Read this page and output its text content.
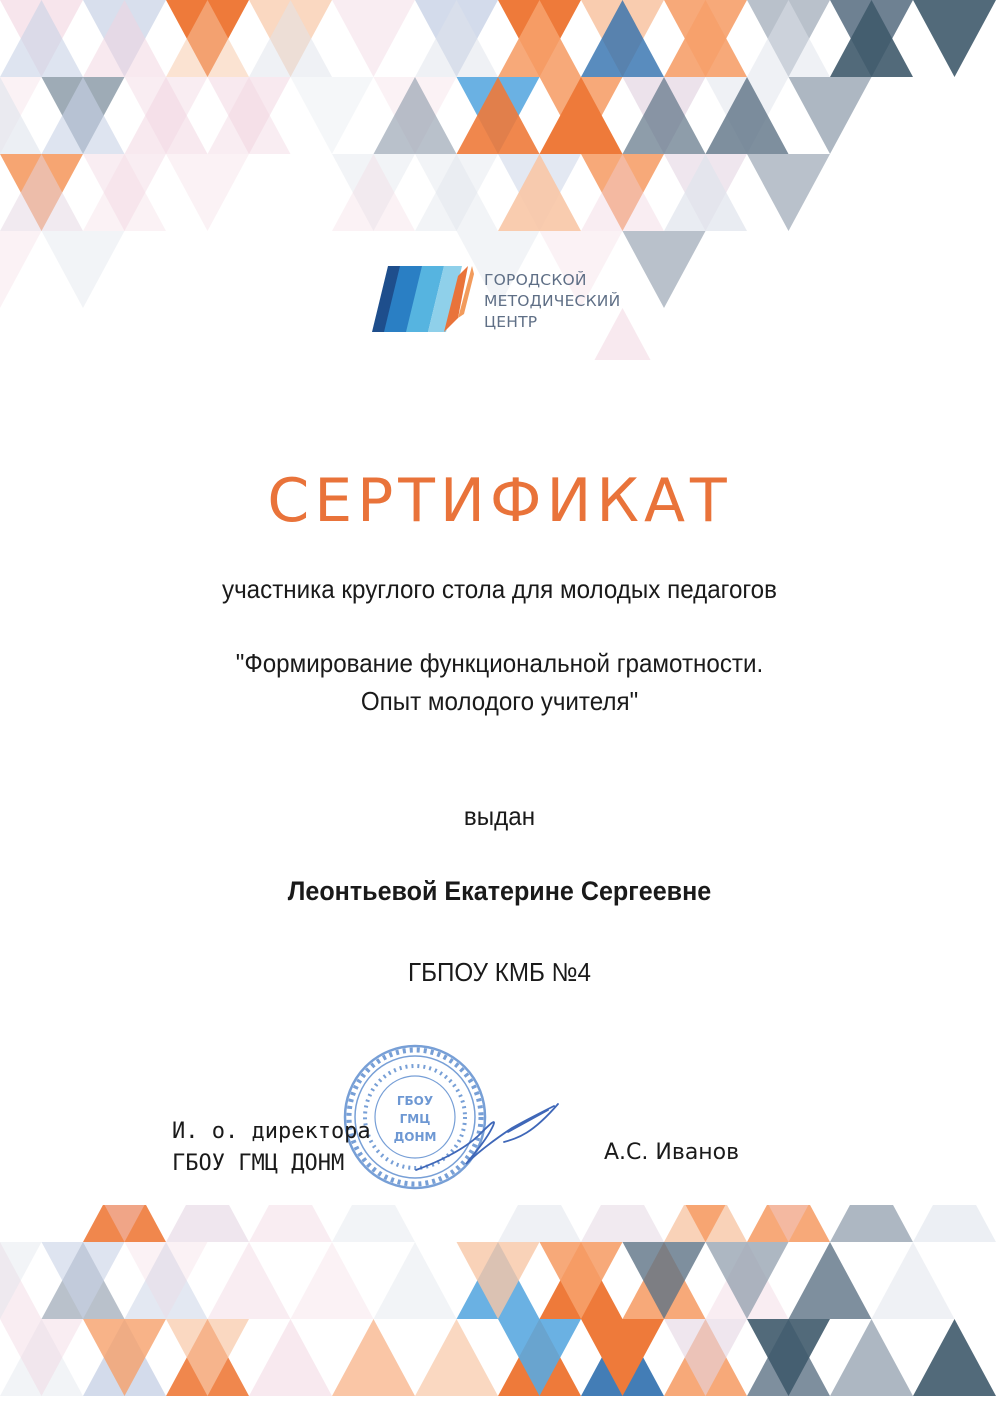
ГОРОДСКОЙ
МЕТОДИЧЕСКИЙ
ЦЕНТР
СЕРТИФИКАТ
участника круглого стола для молодых педагогов
"Формирование функциональной грамотности.
Опыт молодого учителя"
выдан
Леонтьевой Екатерине Сергеевне
ГБПОУ КМБ №4
ГБОУ
ГМЦ
ДОНМ
И. о. директора
ГБОУ ГМЦ ДОНМ	А.С. Иванов
